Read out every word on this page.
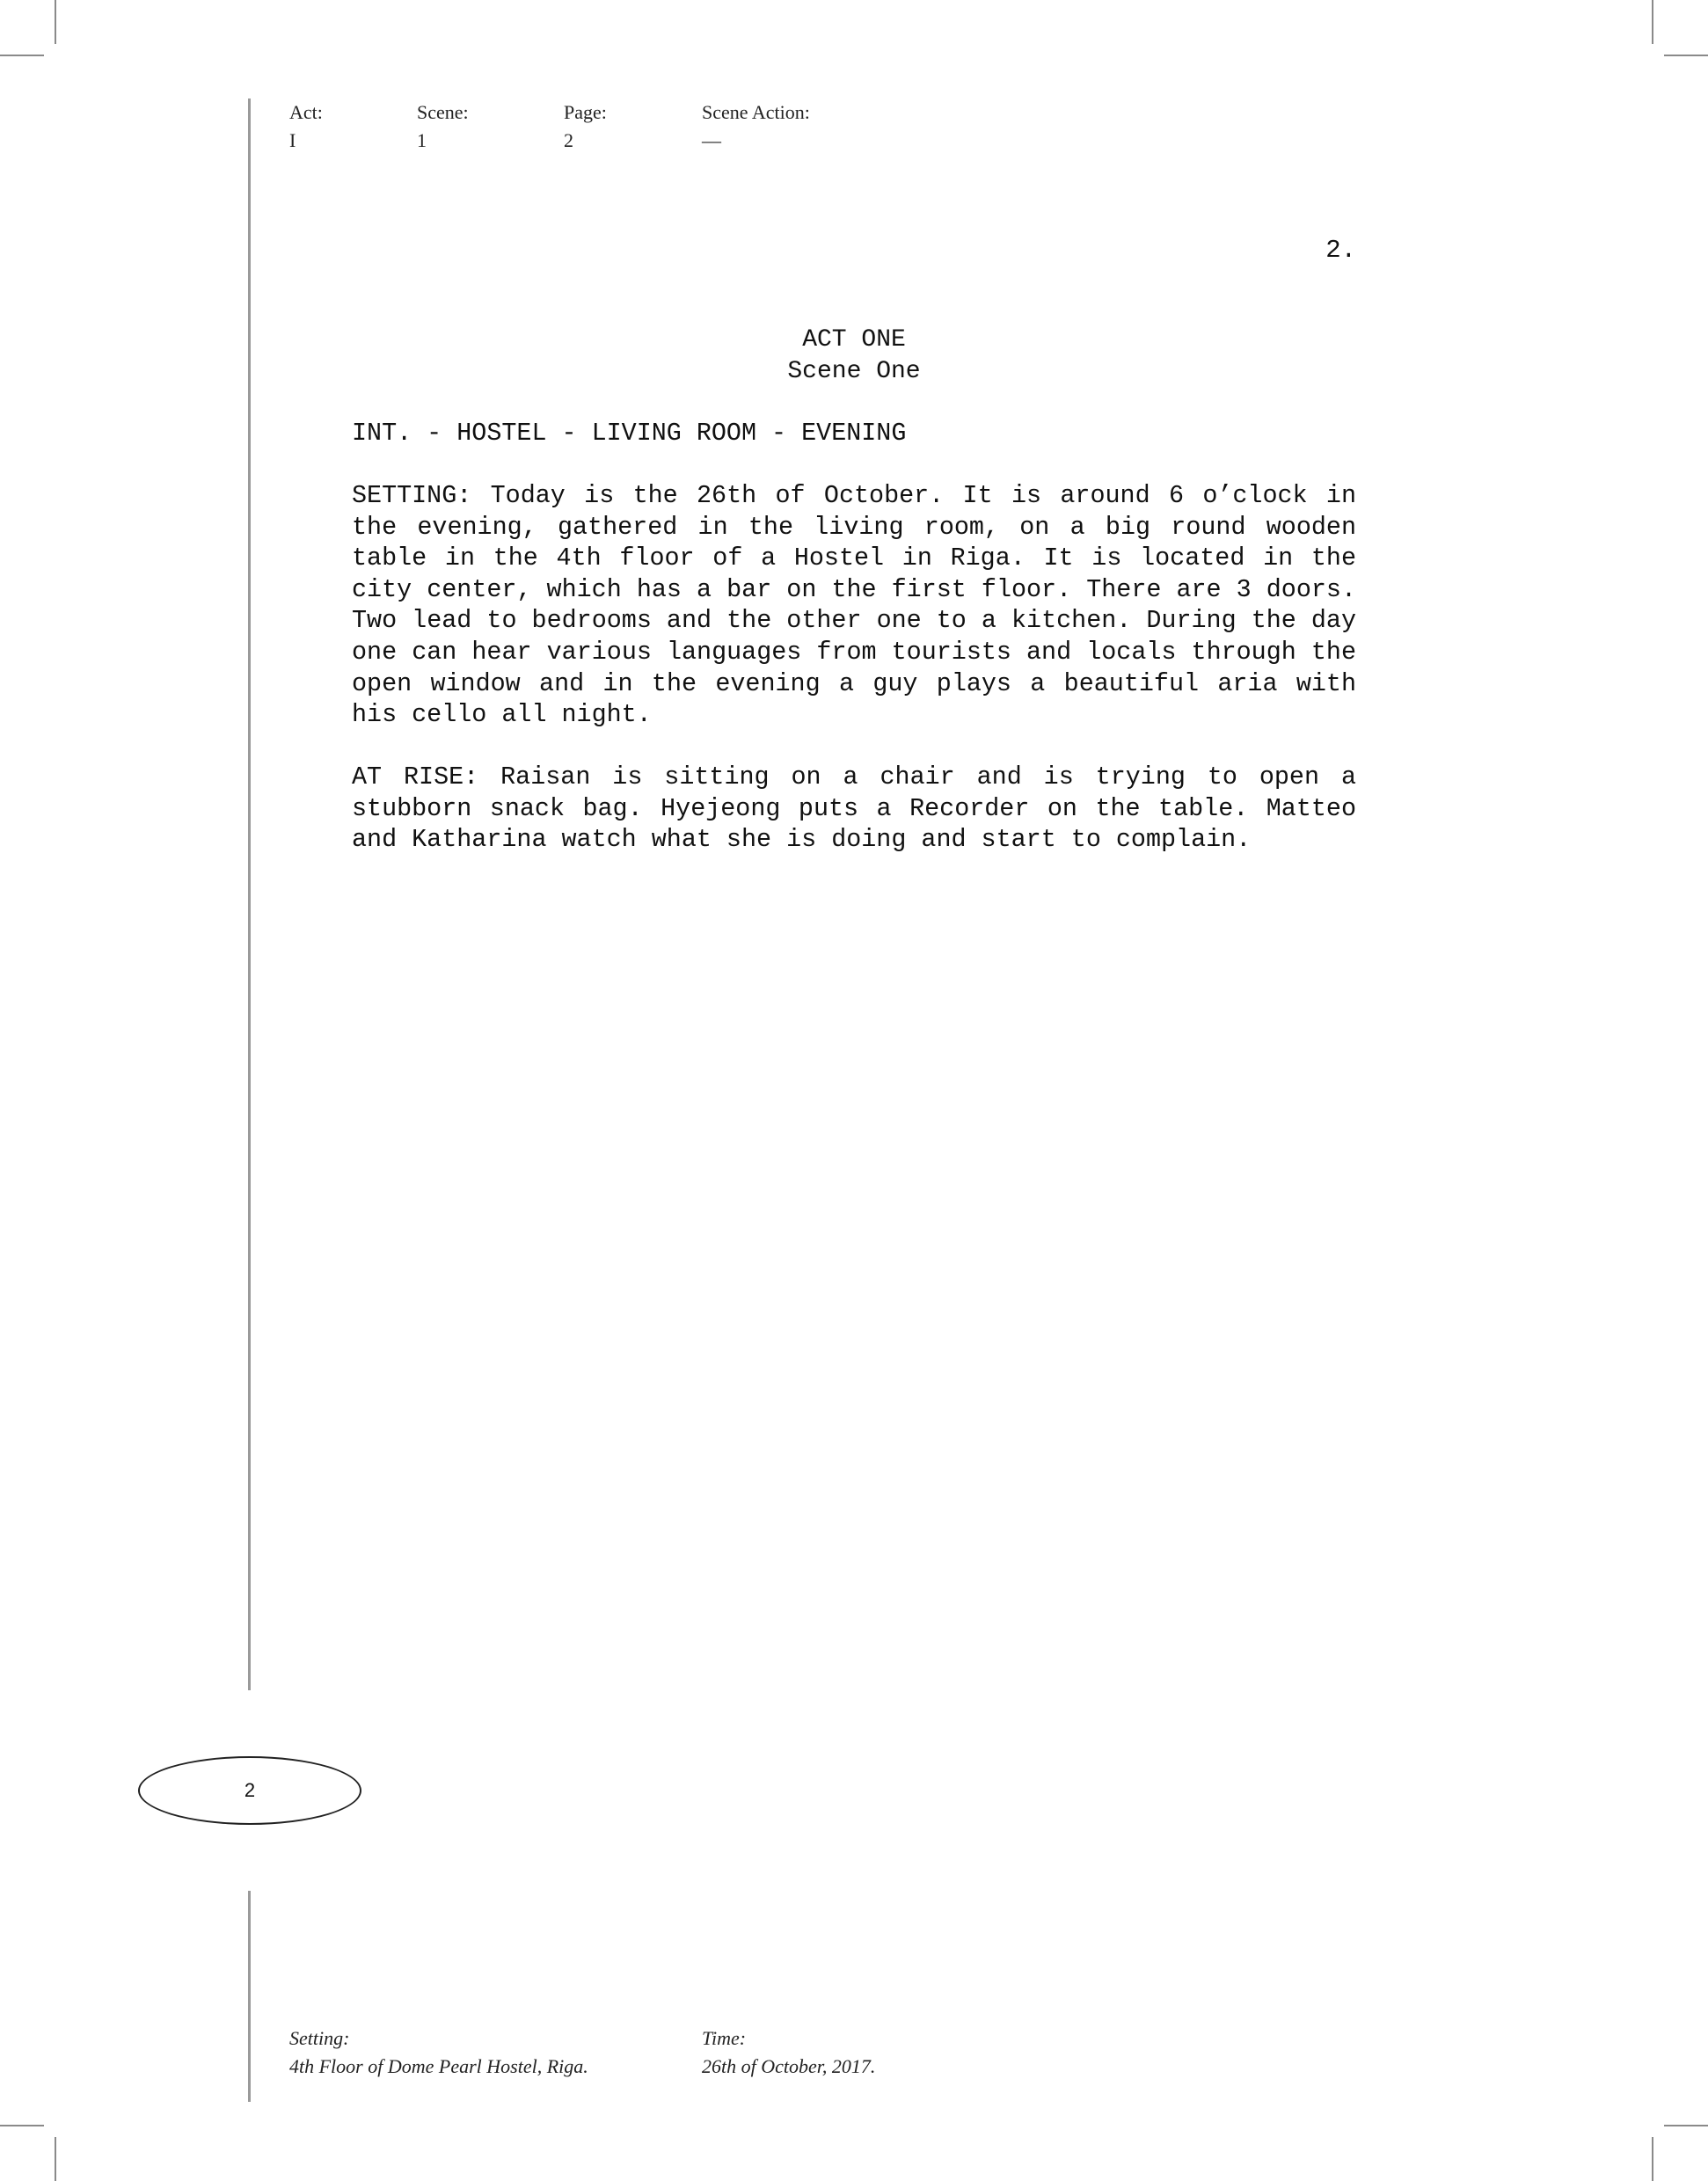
Act:
I
Scene:
1
Page:
2
Scene Action:
—
2.
ACT ONE
Scene One
INT. - HOSTEL - LIVING ROOM - EVENING
SETTING: Today is the 26th of October. It is around 6 o’clock in the evening, gathered in the living room, on a big round wooden table in the 4th floor of a Hostel in Riga. It is located in the city center, which has a bar on the first floor. There are 3 doors. Two lead to bedrooms and the other one to a kitchen. During the day one can hear various languages from tourists and locals through the open window and in the evening a guy plays a beautiful aria with his cello all night.
AT RISE: Raisan is sitting on a chair and is trying to open a stubborn snack bag. Hyejeong puts a Recorder on the table. Matteo and Katharina watch what she is doing and start to complain.
2
Setting:
4th Floor of Dome Pearl Hostel, Riga.
Time:
26th of October, 2017.
